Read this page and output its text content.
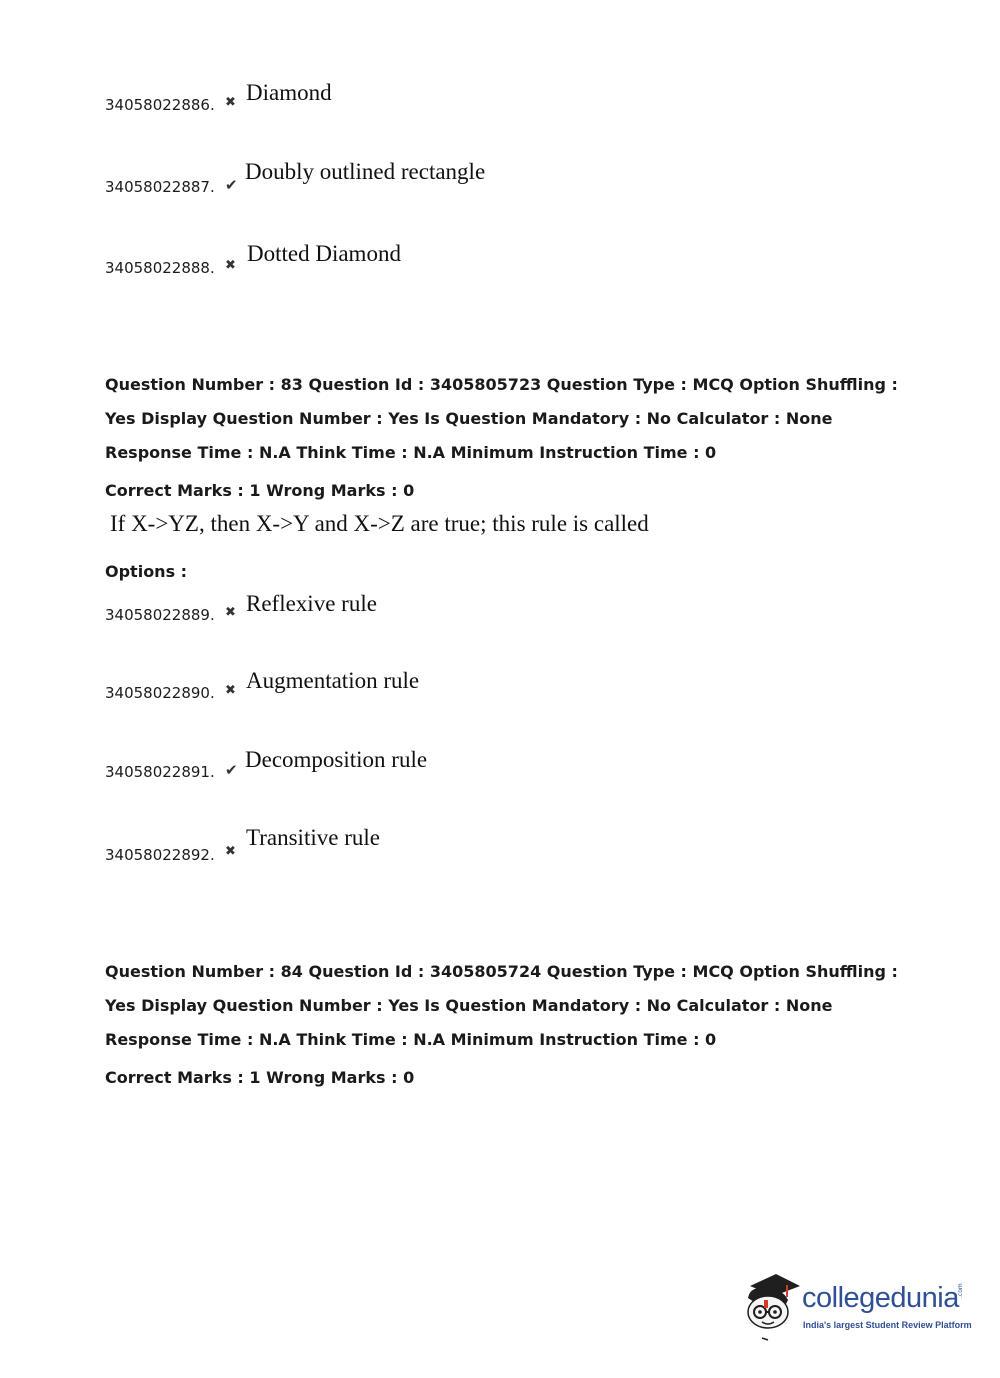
34058022886. ✖ Diamond
34058022887. ✔
Doubly outlined rectangle
34058022888. ✖ Dotted Diamond
Question Number : 83 Question Id : 3405805723 Question Type : MCQ Option Shuffling : Yes Display Question Number : Yes Is Question Mandatory : No Calculator : None Response Time : N.A Think Time : N.A Minimum Instruction Time : 0
Correct Marks : 1 Wrong Marks : 0
If X->YZ, then X->Y and X->Z are true; this rule is called
Options :
34058022889. ✖ Reflexive rule
34058022890. ✖ Augmentation rule
34058022891. ✔ Decomposition rule
34058022892. ✖
Transitive rule
Question Number : 84 Question Id : 3405805724 Question Type : MCQ Option Shuffling : Yes Display Question Number : Yes Is Question Mandatory : No Calculator : None Response Time : N.A Think Time : N.A Minimum Instruction Time : 0
Correct Marks : 1 Wrong Marks : 0
collegedunia
.com
India's largest Student Review Platform
